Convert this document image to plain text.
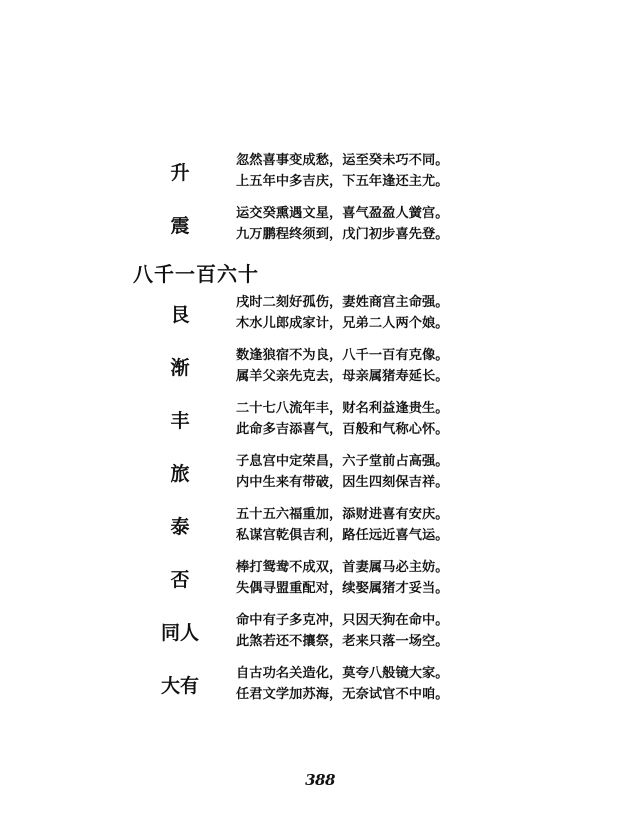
升
忽然喜事变成愁，运至癸未巧不同。
上五年中多吉庆，下五年逢还主尤。
震
运交癸熏遇文星，喜气盈盈人黉宫。
九万鹏程终须到，戊门初步喜先登。
八千一百六十
艮
戌时二刻好孤伤，妻姓商宫主命强。
木水儿郎成家计，兄弟二人两个娘。
渐
数逢狼宿不为良，八千一百有克像。
属羊父亲先克去，母亲属猪寿延长。
丰
二十七八流年丰，财名利益逢贵生。
此命多吉添喜气，百般和气称心怀。
旅
子息宫中定荣昌，六子堂前占高强。
内中生来有带破，因生四刻保吉祥。
泰
五十五六福重加，添财进喜有安庆。
私谋宫乾俱吉利，路任远近喜气运。
否
棒打鸳鸯不成双，首妻属马必主妨。
失偶寻盟重配对，续娶属猪才妥当。
同人
命中有子多克冲，只因天狗在命中。
此煞若还不攘祭，老来只落一场空。
大有
自古功名关造化，莫夸八般镜大家。
任君文学加苏海，无奈试官不中咱。
388
